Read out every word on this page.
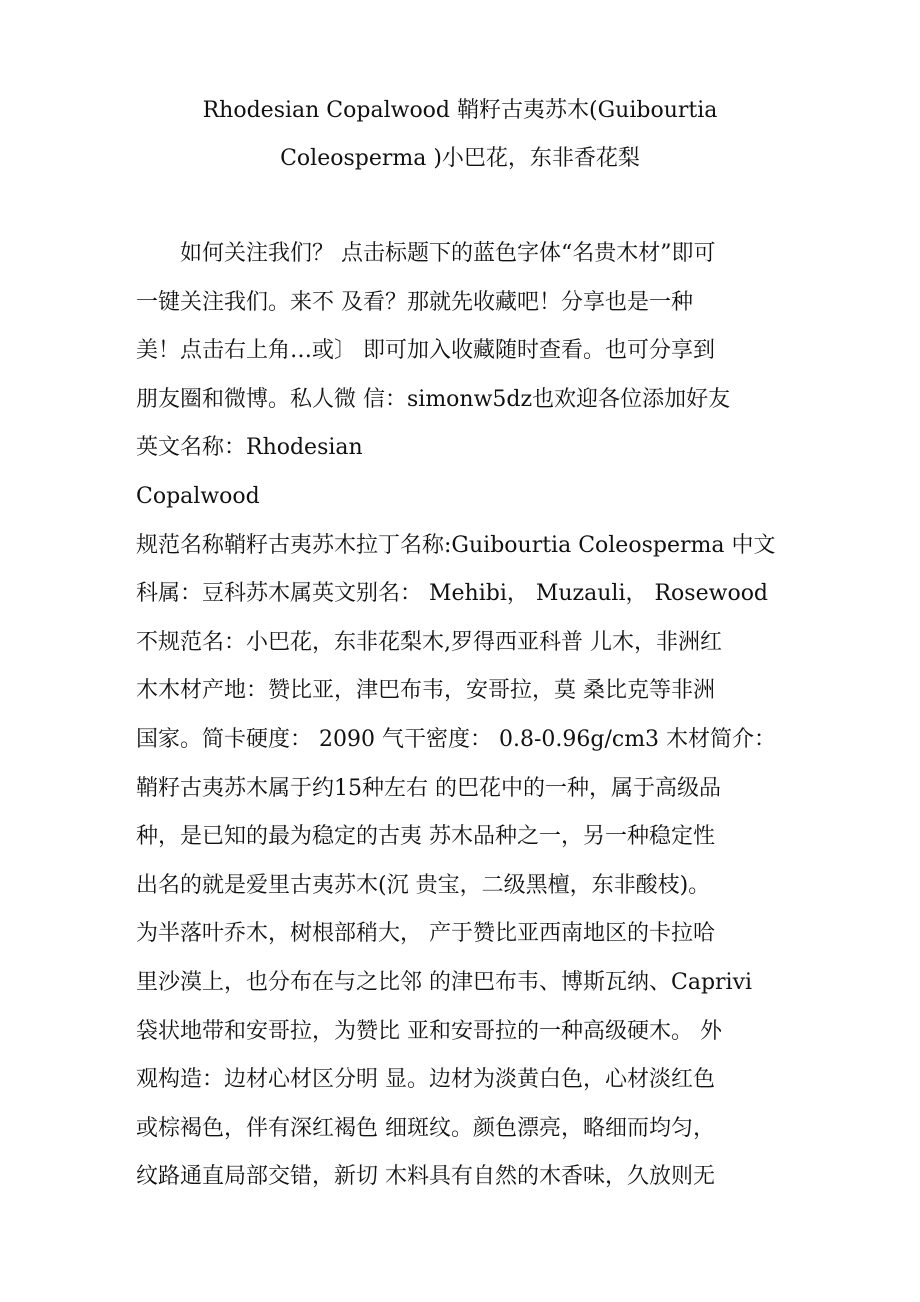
Rhodesian Copalwood 鞘籽古夷苏木(Guibourtia
Coleosperma )小巴花，东非香花梨
如何关注我们？ 点击标题下的蓝色字体“名贵木材”即可
一键关注我们。来不 及看？那就先收藏吧！分享也是一种
美！点击右上角…或〕 即可加入收藏随时查看。也可分享到
朋友圈和微博。私人微 信：simonw5dz也欢迎各位添加好友
英文名称：Rhodesian
Copalwood
规范名称鞘籽古夷苏木拉丁名称:Guibourtia Coleosperma 中文
科属：豆科苏木属英文别名： Mehibi， Muzauli， Rosewood
不规范名：小巴花，东非花梨木,罗得西亚科普 儿木，非洲红
木木材产地：赞比亚，津巴布韦，安哥拉，莫 桑比克等非洲
国家。简卡硬度： 2090 气干密度： 0.8-0.96g/cm3 木材简介：
鞘籽古夷苏木属于约15种左右 的巴花中的一种，属于高级品
种，是已知的最为稳定的古夷 苏木品种之一，另一种稳定性
出名的就是爱里古夷苏木(沉 贵宝，二级黑檀，东非酸枝)。
为半落叶乔木，树根部稍大， 产于赞比亚西南地区的卡拉哈
里沙漠上，也分布在与之比邻 的津巴布韦、博斯瓦纳、Caprivi
袋状地带和安哥拉，为赞比 亚和安哥拉的一种高级硬木。 外
观构造：边材心材区分明 显。边材为淡黄白色，心材淡红色
或棕褐色，伴有深红褐色 细斑纹。颜色漂亮，略细而均匀，
纹路通直局部交错，新切 木料具有自然的木香味，久放则无
